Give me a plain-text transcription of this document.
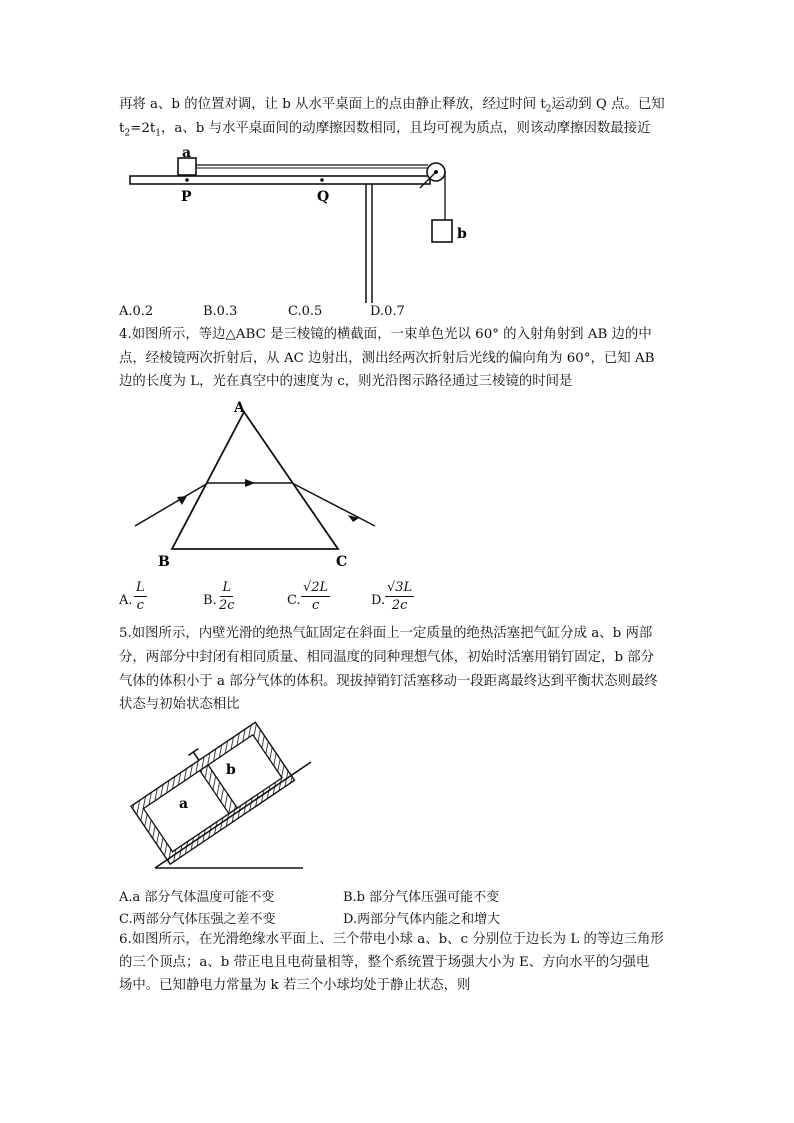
再将 a、b 的位置对调，让 b 从水平桌面上的点由静止释放，经过时间 $t_2$运动到 Q 点。已知
$t_2=2t_1$，a、b 与水平桌面间的动摩擦因数相同，且均可视为质点，则该动摩擦因数最接近
a
b
P	Q
A.0.2	B.0.3	C.0.5	D.0.7
4.如图所示，等边△ABC 是三棱镜的横截面，一束单色光以 60° 的入射角射到 AB 边的中
点，经棱镜两次折射后，从 AC 边射出，测出经两次折射后光线的偏向角为 60°，已知 AB
边的长度为 L，光在真空中的速度为 c，则光沿图示路径通过三棱镜的时间是
A
B	C
A. $\frac{L}{c}$	B. $\frac{L}{2c}$	C. $\frac{√2L}{c}$	D. $\frac{√3L}{2c}$
5.如图所示，内壁光滑的绝热气缸固定在斜面上一定质量的绝热活塞把气缸分成 a、b 两部
分，两部分中封闭有相同质量、相同温度的同种理想气体，初始时活塞用销钉固定，b 部分
气体的体积小于 a 部分气体的体积。现拔掉销钉活塞移动一段距离最终达到平衡状态则最终
状态与初始状态相比
a
b
A.a 部分气体温度可能不变	B.b 部分气体压强可能不变
C.两部分气体压强之差不变	D.两部分气体内能之和增大
6.如图所示，在光滑绝缘水平面上、三个带电小球 a、b、c 分别位于边长为 L 的等边三角形
的三个顶点；a、b 带正电且电荷量相等，整个系统置于场强大小为 E、方向水平的匀强电
场中。已知静电力常量为 k 若三个小球均处于静止状态，则
